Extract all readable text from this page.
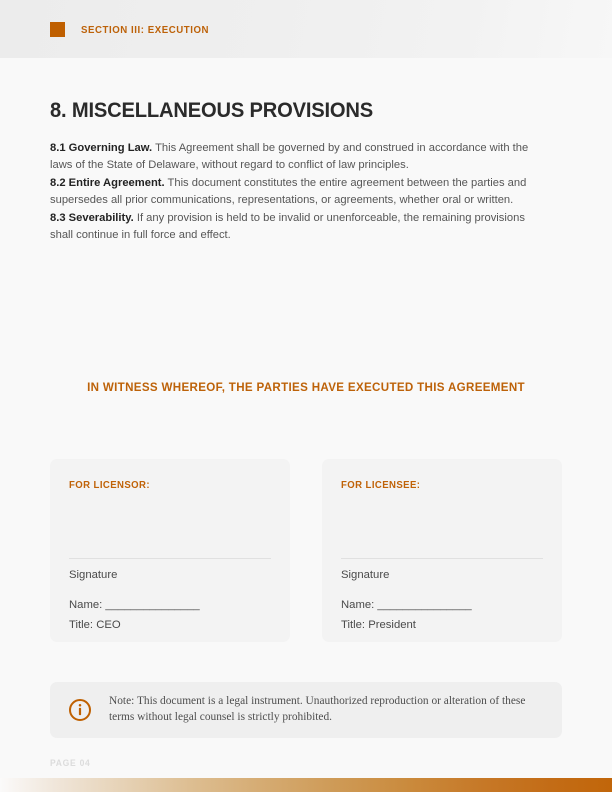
SECTION III: EXECUTION
8. MISCELLANEOUS PROVISIONS

8.1 Governing Law. This Agreement shall be governed by and construed in accordance with the laws of the State of Delaware, without regard to conflict of law principles.

8.2 Entire Agreement. This document constitutes the entire agreement between the parties and supersedes all prior communications, representations, or agreements, whether oral or written.

8.3 Severability. If any provision is held to be invalid or unenforceable, the remaining provisions shall continue in full force and effect.

IN WITNESS WHEREOF, THE PARTIES HAVE EXECUTED THIS AGREEMENT
FOR LICENSOR:
Signature
Name: _______________
Title: CEO
FOR LICENSEE:
Signature
Name: _______________
Title: President
Note: This document is a legal instrument. Unauthorized reproduction or alteration of these terms without legal counsel is strictly prohibited.
PAGE 04
